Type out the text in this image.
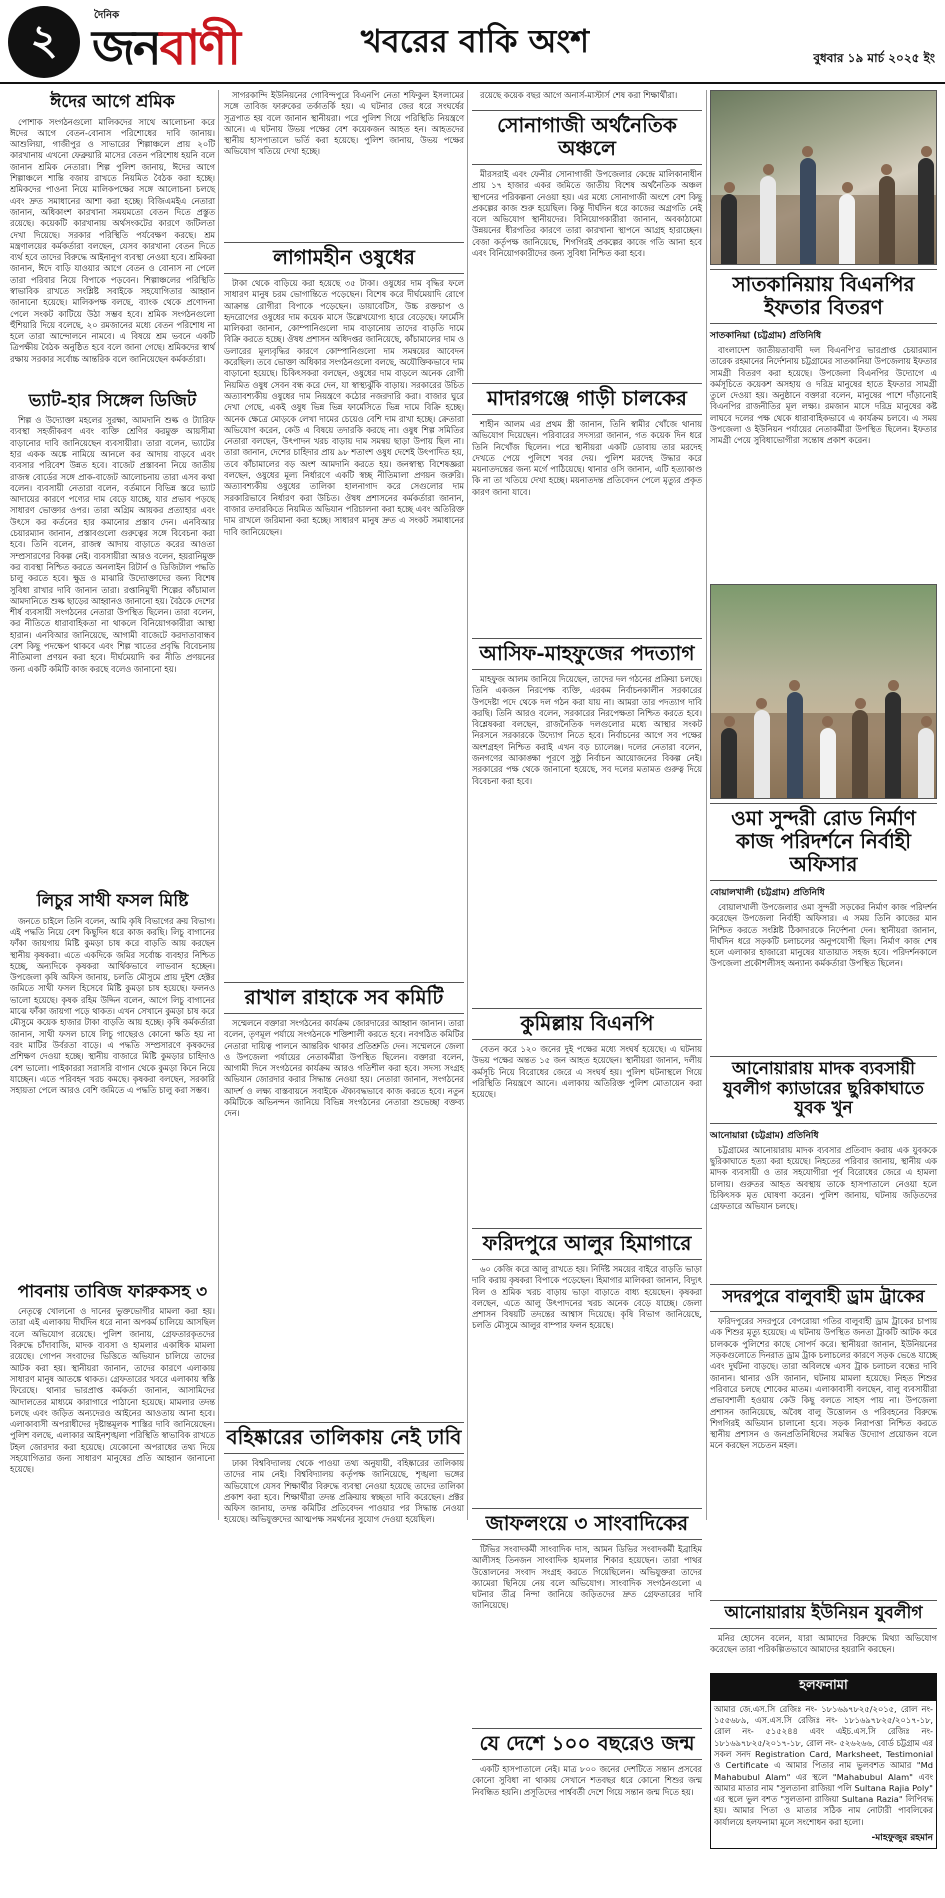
২	দৈনিক
জনবাণী	খবরের বাকি অংশ	বুধবার ১৯ মার্চ ২০২৫ ইং
ঈদের আগে শ্রমিক

পোশাক সংগঠনগুলো মালিকদের সাথে আলোচনা করে ঈদের আগে বেতন-বোনাস পরিশোধের দাবি জানায়। আশুলিয়া, গাজীপুর ও সাভারের শিল্পাঞ্চলে প্রায় ২০টি কারখানায় এখনো ফেব্রুয়ারি মাসের বেতন পরিশোধ হয়নি বলে জানান শ্রমিক নেতারা। শিল্প পুলিশ জানায়, ঈদের আগে শিল্পাঞ্চলে শান্তি বজায় রাখতে নিয়মিত বৈঠক করা হচ্ছে। শ্রমিকদের পাওনা নিয়ে মালিকপক্ষের সঙ্গে আলোচনা চলছে এবং দ্রুত সমাধানের আশা করা হচ্ছে। বিজিএমইএ নেতারা জানান, অধিকাংশ কারখানা সময়মতো বেতন দিতে প্রস্তুত রয়েছে। কয়েকটি কারখানায় অর্থসংকটের কারণে জটিলতা দেখা দিয়েছে। সরকার পরিস্থিতি পর্যবেক্ষণ করছে। শ্রম মন্ত্রণালয়ের কর্মকর্তারা বলছেন, যেসব কারখানা বেতন দিতে ব্যর্থ হবে তাদের বিরুদ্ধে আইনানুগ ব্যবস্থা নেওয়া হবে। শ্রমিকরা জানান, ঈদে বাড়ি যাওয়ার আগে বেতন ও বোনাস না পেলে তারা পরিবার নিয়ে বিপাকে পড়বেন। শিল্পাঞ্চলের পরিস্থিতি স্বাভাবিক রাখতে সংশ্লিষ্ট সবাইকে সহযোগিতার আহ্বান জানানো হয়েছে। মালিকপক্ষ বলছে, ব্যাংক থেকে প্রণোদনা পেলে সংকট কাটিয়ে উঠা সম্ভব হবে। শ্রমিক সংগঠনগুলো হুঁশিয়ারি দিয়ে বলেছে, ২০ রমজানের মধ্যে বেতন পরিশোধ না হলে তারা আন্দোলনে নামবে। এ বিষয়ে শ্রম ভবনে একটি ত্রিপক্ষীয় বৈঠক অনুষ্ঠিত হবে বলে জানা গেছে। শ্রমিকদের স্বার্থ রক্ষায় সরকার সর্বোচ্চ আন্তরিক বলে জানিয়েছেন কর্মকর্তারা।

ভ্যাট-হার সিঙ্গেল ডিজিট

শিল্প ও উদ্যোক্তা মহলের সুরক্ষা, আমদানি শুল্ক ও ট্যারিফ ব্যবস্থা সহজীকরণ এবং ব্যক্তি শ্রেণির করমুক্ত আয়সীমা বাড়ানোর দাবি জানিয়েছেন ব্যবসায়ীরা। তারা বলেন, ভ্যাটের হার একক অঙ্কে নামিয়ে আনলে কর আদায় বাড়বে এবং ব্যবসার পরিবেশ উন্নত হবে। বাজেট প্রস্তাবনা নিয়ে জাতীয় রাজস্ব বোর্ডের সঙ্গে প্রাক-বাজেট আলোচনায় তারা এসব কথা বলেন। ব্যবসায়ী নেতারা বলেন, বর্তমানে বিভিন্ন স্তরে ভ্যাট আদায়ের কারণে পণ্যের দাম বেড়ে যাচ্ছে, যার প্রভাব পড়ছে সাধারণ ভোক্তার ওপর। তারা অগ্রিম আয়কর প্রত্যাহার এবং উৎসে কর কর্তনের হার কমানোর প্রস্তাব দেন। এনবিআর চেয়ারম্যান জানান, প্রস্তাবগুলো গুরুত্বের সঙ্গে বিবেচনা করা হবে। তিনি বলেন, রাজস্ব আদায় বাড়াতে করের আওতা সম্প্রসারণের বিকল্প নেই। ব্যবসায়ীরা আরও বলেন, হয়রানিমুক্ত কর ব্যবস্থা নিশ্চিত করতে অনলাইন রিটার্ন ও ডিজিটাল পদ্ধতি চালু করতে হবে। ক্ষুদ্র ও মাঝারি উদ্যোক্তাদের জন্য বিশেষ সুবিধা রাখার দাবি জানান তারা। রপ্তানিমুখী শিল্পের কাঁচামাল আমদানিতে শুল্ক ছাড়ের আহ্বানও জানানো হয়। বৈঠকে দেশের শীর্ষ ব্যবসায়ী সংগঠনের নেতারা উপস্থিত ছিলেন। তারা বলেন, কর নীতিতে ধারাবাহিকতা না থাকলে বিনিয়োগকারীরা আস্থা হারান। এনবিআর জানিয়েছে, আগামী বাজেটে করদাতাবান্ধব বেশ কিছু পদক্ষেপ থাকবে এবং শিল্প খাতের প্রবৃদ্ধি বিবেচনায় নীতিমালা প্রণয়ন করা হবে। দীর্ঘমেয়াদি কর নীতি প্রণয়নের জন্য একটি কমিটি কাজ করছে বলেও জানানো হয়।

লিচুর সাথী ফসল মিষ্টি

জনতে চাইলে তিনি বলেন, আমি কৃষি বিভাগের ক্রয় বিভাগ। এই পদ্ধতি নিয়ে বেশ কিছুদিন ধরে কাজ করছি। লিচু বাগানের ফাঁকা জায়গায় মিষ্টি কুমড়া চাষ করে বাড়তি আয় করছেন স্থানীয় কৃষকরা। এতে একদিকে জমির সর্বোচ্চ ব্যবহার নিশ্চিত হচ্ছে, অন্যদিকে কৃষকরা আর্থিকভাবে লাভবান হচ্ছেন। উপজেলা কৃষি অফিস জানায়, চলতি মৌসুমে প্রায় দুইশ হেক্টর জমিতে সাথী ফসল হিসেবে মিষ্টি কুমড়া চাষ হয়েছে। ফলনও ভালো হয়েছে। কৃষক রহিম উদ্দিন বলেন, আগে লিচু বাগানের মাঝে ফাঁকা জায়গা পড়ে থাকত। এখন সেখানে কুমড়া চাষ করে মৌসুমে কয়েক হাজার টাকা বাড়তি আয় হচ্ছে। কৃষি কর্মকর্তারা জানান, সাথী ফসল চাষে লিচু গাছেরও কোনো ক্ষতি হয় না বরং মাটির উর্বরতা বাড়ে। এ পদ্ধতি সম্প্রসারণে কৃষকদের প্রশিক্ষণ দেওয়া হচ্ছে। স্থানীয় বাজারে মিষ্টি কুমড়ার চাহিদাও বেশ ভালো। পাইকাররা সরাসরি বাগান থেকে কুমড়া কিনে নিয়ে যাচ্ছেন। এতে পরিবহন খরচ কমছে। কৃষকরা বলছেন, সরকারি সহায়তা পেলে আরও বেশি জমিতে এ পদ্ধতি চালু করা সম্ভব।

পাবনায় তাবিজ ফারুকসহ ৩

নেতৃত্বে খোলনো ও দানের ভুক্তভোগীর মামলা করা হয়। তারা এই এলাকায় দীর্ঘদিন ধরে নানা অপকর্ম চালিয়ে আসছিল বলে অভিযোগ রয়েছে। পুলিশ জানায়, গ্রেফতারকৃতদের বিরুদ্ধে চাঁদাবাজি, মাদক ব্যবসা ও হামলার একাধিক মামলা রয়েছে। গোপন সংবাদের ভিত্তিতে অভিযান চালিয়ে তাদের আটক করা হয়। স্থানীয়রা জানান, তাদের কারণে এলাকায় সাধারণ মানুষ আতঙ্কে থাকত। গ্রেফতারের খবরে এলাকায় স্বস্তি ফিরেছে। থানার ভারপ্রাপ্ত কর্মকর্তা জানান, আসামিদের আদালতের মাধ্যমে কারাগারে পাঠানো হয়েছে। মামলার তদন্ত চলছে এবং জড়িত অন্যদেরও আইনের আওতায় আনা হবে। এলাকাবাসী অপরাধীদের দৃষ্টান্তমূলক শাস্তির দাবি জানিয়েছেন। পুলিশ বলছে, এলাকার আইনশৃঙ্খলা পরিস্থিতি স্বাভাবিক রাখতে টহল জোরদার করা হয়েছে। যেকোনো অপরাধের তথ্য দিয়ে সহযোগিতার জন্য সাধারণ মানুষের প্রতি আহ্বান জানানো হয়েছে।

সাগরকান্দি ইউনিয়নের গোবিন্দপুরে বিএনপি নেতা শফিকুল ইসলামের সঙ্গে তাবিজ ফারুকের তর্কাতর্কি হয়। এ ঘটনার জের ধরে সংঘর্ষের সূত্রপাত হয় বলে জানান স্থানীয়রা। পরে পুলিশ গিয়ে পরিস্থিতি নিয়ন্ত্রণে আনে। এ ঘটনায় উভয় পক্ষের বেশ কয়েকজন আহত হন। আহতদের স্থানীয় হাসপাতালে ভর্তি করা হয়েছে। পুলিশ জানায়, উভয় পক্ষের অভিযোগ খতিয়ে দেখা হচ্ছে।

লাগামহীন ওষুধের

টাকা থেকে বাড়িয়ে করা হয়েছে ৩৫ টাকা। ওষুধের দাম বৃদ্ধির ফলে সাধারণ মানুষ চরম ভোগান্তিতে পড়েছেন। বিশেষ করে দীর্ঘমেয়াদি রোগে আক্রান্ত রোগীরা বিপাকে পড়েছেন। ডায়াবেটিস, উচ্চ রক্তচাপ ও হৃদরোগের ওষুধের দাম কয়েক মাসে উল্লেখযোগ্য হারে বেড়েছে। ফার্মেসি মালিকরা জানান, কোম্পানিগুলো দাম বাড়ানোয় তাদের বাড়তি দামে বিক্রি করতে হচ্ছে। ঔষধ প্রশাসন অধিদপ্তর জানিয়েছে, কাঁচামালের দাম ও ডলারের মূল্যবৃদ্ধির কারণে কোম্পানিগুলো দাম সমন্বয়ের আবেদন করেছিল। তবে ভোক্তা অধিকার সংগঠনগুলো বলছে, অযৌক্তিকভাবে দাম বাড়ানো হয়েছে। চিকিৎসকরা বলছেন, ওষুধের দাম বাড়লে অনেক রোগী নিয়মিত ওষুধ সেবন বন্ধ করে দেন, যা স্বাস্থ্যঝুঁকি বাড়ায়। সরকারের উচিত অত্যাবশ্যকীয় ওষুধের দাম নিয়ন্ত্রণে কঠোর নজরদারি করা। বাজার ঘুরে দেখা গেছে, একই ওষুধ ভিন্ন ভিন্ন ফার্মেসিতে ভিন্ন দামে বিক্রি হচ্ছে। অনেক ক্ষেত্রে মোড়কে লেখা দামের চেয়েও বেশি দাম রাখা হচ্ছে। ক্রেতারা অভিযোগ করেন, কেউ এ বিষয়ে তদারকি করছে না। ওষুধ শিল্প সমিতির নেতারা বলছেন, উৎপাদন খরচ বাড়ায় দাম সমন্বয় ছাড়া উপায় ছিল না। তারা জানান, দেশের চাহিদার প্রায় ৯৮ শতাংশ ওষুধ দেশেই উৎপাদিত হয়, তবে কাঁচামালের বড় অংশ আমদানি করতে হয়। জনস্বাস্থ্য বিশেষজ্ঞরা বলছেন, ওষুধের মূল্য নির্ধারণে একটি স্বচ্ছ নীতিমালা প্রণয়ন জরুরি। অত্যাবশ্যকীয় ওষুধের তালিকা হালনাগাদ করে সেগুলোর দাম সরকারিভাবে নির্ধারণ করা উচিত। ঔষধ প্রশাসনের কর্মকর্তারা জানান, বাজার তদারকিতে নিয়মিত অভিযান পরিচালনা করা হচ্ছে এবং অতিরিক্ত দাম রাখলে জরিমানা করা হচ্ছে। সাধারণ মানুষ দ্রুত এ সংকট সমাধানের দাবি জানিয়েছেন।

রাখাল রাহাকে সব কমিটি

সম্মেলনে বক্তারা সংগঠনের কার্যক্রম জোরদারের আহ্বান জানান। তারা বলেন, তৃণমূল পর্যায়ে সংগঠনকে শক্তিশালী করতে হবে। নবগঠিত কমিটির নেতারা দায়িত্ব পালনে আন্তরিক থাকার প্রতিশ্রুতি দেন। সম্মেলনে জেলা ও উপজেলা পর্যায়ের নেতাকর্মীরা উপস্থিত ছিলেন। বক্তারা বলেন, আগামী দিনে সংগঠনের কার্যক্রম আরও গতিশীল করা হবে। সদস্য সংগ্রহ অভিযান জোরদার করার সিদ্ধান্ত নেওয়া হয়। নেতারা জানান, সংগঠনের আদর্শ ও লক্ষ্য বাস্তবায়নে সবাইকে ঐক্যবদ্ধভাবে কাজ করতে হবে। নতুন কমিটিকে অভিনন্দন জানিয়ে বিভিন্ন সংগঠনের নেতারা শুভেচ্ছা বক্তব্য দেন।

বহিষ্কারের তালিকায় নেই ঢাবি

ঢাকা বিশ্ববিদ্যালয় থেকে পাওয়া তথ্য অনুযায়ী, বহিষ্কারের তালিকায় তাদের নাম নেই। বিশ্ববিদ্যালয় কর্তৃপক্ষ জানিয়েছে, শৃঙ্খলা ভঙ্গের অভিযোগে যেসব শিক্ষার্থীর বিরুদ্ধে ব্যবস্থা নেওয়া হয়েছে তাদের তালিকা প্রকাশ করা হবে। শিক্ষার্থীরা তদন্ত প্রক্রিয়ায় স্বচ্ছতা দাবি করেছেন। প্রক্টর অফিস জানায়, তদন্ত কমিটির প্রতিবেদন পাওয়ার পর সিদ্ধান্ত নেওয়া হয়েছে। অভিযুক্তদের আত্মপক্ষ সমর্থনের সুযোগ দেওয়া হয়েছিল।

রয়েছে কয়েক বছর আগে অনার্স-মাস্টার্স শেষ করা শিক্ষার্থীরা।

সোনাগাজী অর্থনৈতিক অঞ্চলে

মীরসরাই এবং ফেনীর সোনাগাজী উপজেলার কেন্দ্রে মালিকানাধীন প্রায় ১৭ হাজার একর জমিতে জাতীয় বিশেষ অর্থনৈতিক অঞ্চল স্থাপনের পরিকল্পনা নেওয়া হয়। এর মধ্যে সোনাগাজী অংশে বেশ কিছু প্রকল্পের কাজ শুরু হয়েছিল। কিন্তু দীর্ঘদিন ধরে কাজের অগ্রগতি নেই বলে অভিযোগ স্থানীয়দের। বিনিয়োগকারীরা জানান, অবকাঠামো উন্নয়নের ধীরগতির কারণে তারা কারখানা স্থাপনে আগ্রহ হারাচ্ছেন। বেজা কর্তৃপক্ষ জানিয়েছে, শিগগিরই প্রকল্পের কাজে গতি আনা হবে এবং বিনিয়োগকারীদের জন্য সুবিধা নিশ্চিত করা হবে।

মাদারগঞ্জে গাড়ী চালকের

শাহীন আলম এর প্রথম স্ত্রী জানান, তিনি স্বামীর খোঁজে থানায় অভিযোগ দিয়েছেন। পরিবারের সদস্যরা জানান, গত কয়েক দিন ধরে তিনি নিখোঁজ ছিলেন। পরে স্থানীয়রা একটি ডোবায় তার মরদেহ দেখতে পেয়ে পুলিশে খবর দেয়। পুলিশ মরদেহ উদ্ধার করে ময়নাতদন্তের জন্য মর্গে পাঠিয়েছে। থানার ওসি জানান, এটি হত্যাকাণ্ড কি না তা খতিয়ে দেখা হচ্ছে। ময়নাতদন্ত প্রতিবেদন পেলে মৃত্যুর প্রকৃত কারণ জানা যাবে।

আসিফ-মাহফুজের পদত্যাগ

মাহফুজ আলম জানিয়ে দিয়েছেন, তাদের দল গঠনের প্রক্রিয়া চলছে। তিনি একজন নিরপেক্ষ ব্যক্তি, এরকম নির্বাচনকালীন সরকারের উপদেষ্টা পদে থেকে দল গঠন করা যায় না। আমরা তার পদত্যাগ দাবি করছি। তিনি আরও বলেন, সরকারের নিরপেক্ষতা নিশ্চিত করতে হবে। বিশ্লেষকরা বলছেন, রাজনৈতিক দলগুলোর মধ্যে আস্থার সংকট নিরসনে সরকারকে উদ্যোগ নিতে হবে। নির্বাচনের আগে সব পক্ষের অংশগ্রহণ নিশ্চিত করাই এখন বড় চ্যালেঞ্জ। দলের নেতারা বলেন, জনগণের আকাঙ্ক্ষা পূরণে সুষ্ঠু নির্বাচন আয়োজনের বিকল্প নেই। সরকারের পক্ষ থেকে জানানো হয়েছে, সব দলের মতামত গুরুত্ব দিয়ে বিবেচনা করা হবে।

কুমিল্লায় বিএনপি

বেতন করে ১২০ জনের দুই পক্ষের মধ্যে সংঘর্ষ হয়েছে। এ ঘটনায় উভয় পক্ষের অন্তত ১৫ জন আহত হয়েছেন। স্থানীয়রা জানান, দলীয় কর্মসূচি নিয়ে বিরোধের জেরে এ সংঘর্ষ হয়। পুলিশ ঘটনাস্থলে গিয়ে পরিস্থিতি নিয়ন্ত্রণে আনে। এলাকায় অতিরিক্ত পুলিশ মোতায়েন করা হয়েছে।

ফরিদপুরে আলুর হিমাগারে

৬০ কেজি করে আলু রাখতে হয়। নির্দিষ্ট সময়ের বাইরে বাড়তি ভাড়া দাবি করায় কৃষকরা বিপাকে পড়েছেন। হিমাগার মালিকরা জানান, বিদ্যুৎ বিল ও শ্রমিক খরচ বাড়ায় ভাড়া বাড়াতে বাধ্য হয়েছেন। কৃষকরা বলছেন, এতে আলু উৎপাদনের খরচ অনেক বেড়ে যাচ্ছে। জেলা প্রশাসন বিষয়টি তদন্তের আশ্বাস দিয়েছে। কৃষি বিভাগ জানিয়েছে, চলতি মৌসুমে আলুর বাম্পার ফলন হয়েছে।

জাফলংয়ে ৩ সাংবাদিকের

টিভির সংবাদকর্মী সাংবাদিক দাস, আমন ডিভির সংবাদকর্মী ইব্রাহিম আলীসহ তিনজন সাংবাদিক হামলার শিকার হয়েছেন। তারা পাথর উত্তোলনের সংবাদ সংগ্রহ করতে গিয়েছিলেন। অভিযুক্তরা তাদের ক্যামেরা ছিনিয়ে নেয় বলে অভিযোগ। সাংবাদিক সংগঠনগুলো এ ঘটনার তীব্র নিন্দা জানিয়ে জড়িতদের দ্রুত গ্রেফতারের দাবি জানিয়েছে।

যে দেশে ১০০ বছরেও জন্ম

একটি হাসপাতালে নেই। মাত্র ৮০০ জনের দেশটিতে সন্তান প্রসবের কোনো সুবিধা না থাকায় সেখানে শতবছর ধরে কোনো শিশুর জন্ম নিবন্ধিত হয়নি। প্রসূতিদের পার্শ্ববর্তী দেশে গিয়ে সন্তান জন্ম দিতে হয়।

সাতকানিয়ায় বিএনপির ইফতার বিতরণ
সাতকানিয়া (চট্টগ্রাম) প্রতিনিধি

বাংলাদেশ জাতীয়তাবাদী দল বিএনপি'র ভারপ্রাপ্ত চেয়ারম্যান তারেক রহমানের নির্দেশনায় চট্টগ্রামের সাতকানিয়া উপজেলায় ইফতার সামগ্রী বিতরণ করা হয়েছে। উপজেলা বিএনপির উদ্যোগে এ কর্মসূচিতে কয়েকশ অসহায় ও দরিদ্র মানুষের হাতে ইফতার সামগ্রী তুলে দেওয়া হয়। অনুষ্ঠানে বক্তারা বলেন, মানুষের পাশে দাঁড়ানোই বিএনপির রাজনীতির মূল লক্ষ্য। রমজান মাসে দরিদ্র মানুষের কষ্ট লাঘবে দলের পক্ষ থেকে ধারাবাহিকভাবে এ কার্যক্রম চলবে। এ সময় উপজেলা ও ইউনিয়ন পর্যায়ের নেতাকর্মীরা উপস্থিত ছিলেন। ইফতার সামগ্রী পেয়ে সুবিধাভোগীরা সন্তোষ প্রকাশ করেন।

ওমা সুন্দরী রোড নির্মাণ কাজ পরিদর্শনে নির্বাহী অফিসার
বোয়ালখালী (চট্টগ্রাম) প্রতিনিধি

বোয়ালখালী উপজেলার ওমা সুন্দরী সড়কের নির্মাণ কাজ পরিদর্শন করেছেন উপজেলা নির্বাহী অফিসার। এ সময় তিনি কাজের মান নিশ্চিত করতে সংশ্লিষ্ট ঠিকাদারকে নির্দেশনা দেন। স্থানীয়রা জানান, দীর্ঘদিন ধরে সড়কটি চলাচলের অনুপযোগী ছিল। নির্মাণ কাজ শেষ হলে এলাকার হাজারো মানুষের যাতায়াত সহজ হবে। পরিদর্শনকালে উপজেলা প্রকৌশলীসহ অন্যান্য কর্মকর্তারা উপস্থিত ছিলেন।

আনোয়ারায় মাদক ব্যবসায়ী যুবলীগ ক্যাডারের ছুরিকাঘাতে যুবক খুন
আনোয়ারা (চট্টগ্রাম) প্রতিনিধি

চট্টগ্রামের আনোয়ারায় মাদক ব্যবসার প্রতিবাদ করায় এক যুবককে ছুরিকাঘাতে হত্যা করা হয়েছে। নিহতের পরিবার জানায়, স্থানীয় এক মাদক ব্যবসায়ী ও তার সহযোগীরা পূর্ব বিরোধের জেরে এ হামলা চালায়। গুরুতর আহত অবস্থায় তাকে হাসপাতালে নেওয়া হলে চিকিৎসক মৃত ঘোষণা করেন। পুলিশ জানায়, ঘটনায় জড়িতদের গ্রেফতারে অভিযান চলছে।

সদরপুরে বালুবাহী ড্রাম ট্রাকের

ফরিদপুরের সদরপুরে বেপরোয়া গতির বালুবাহী ড্রাম ট্রাকের চাপায় এক শিশুর মৃত্যু হয়েছে। এ ঘটনায় উপস্থিত জনতা ট্রাকটি আটক করে চালককে পুলিশের কাছে সোপর্দ করে। স্থানীয়রা জানান, ইউনিয়নের সড়কগুলোতে দিনরাত ড্রাম ট্রাক চলাচলের কারণে সড়ক ভেঙে যাচ্ছে এবং দুর্ঘটনা বাড়ছে। তারা অবিলম্বে এসব ট্রাক চলাচল বন্ধের দাবি জানান। থানার ওসি জানান, ঘটনায় মামলা হয়েছে। নিহত শিশুর পরিবারে চলছে শোকের মাতম। এলাকাবাসী বলছেন, বালু ব্যবসায়ীরা প্রভাবশালী হওয়ায় কেউ কিছু বলতে সাহস পায় না। উপজেলা প্রশাসন জানিয়েছে, অবৈধ বালু উত্তোলন ও পরিবহনের বিরুদ্ধে শিগগিরই অভিযান চালানো হবে। সড়ক নিরাপত্তা নিশ্চিত করতে স্থানীয় প্রশাসন ও জনপ্রতিনিধিদের সমন্বিত উদ্যোগ প্রয়োজন বলে মনে করছেন সচেতন মহল।

আনোয়ারায় ইউনিয়ন যুবলীগ

মনির হোসেন বলেন, যারা আমাদের বিরুদ্ধে মিথ্যা অভিযোগ করেছেন তারা পরিকল্পিতভাবে আমাদের হয়রানি করছেন।

হলফনামা

আমার জে.এস.সি রেজিঃ নং- ১৮১৬৯৭৮২৫/২০১৫, রোল নং- ১৫৫৬৮৯, এস.এস.সি রেজিঃ নং- ১৮১৬৯৭৮২৫/২০১৭-১৮, রোল নং- ৫১৫২৪৪ এবং এইচ.এস.সি রেজিঃ নং- ১৮১৬৯৭৮২৫/২০১৭-১৮, রোল নং- ৫২৬২৬৬, বোর্ড চট্টগ্রাম এর সকল সনদ Registration Card, Marksheet, Testimonial ও Certificate এ আমার পিতার নাম ভুলবশত আমার "Md Mahabubul Alam" এর স্থলে "Mahabubul Alam" এবং আমার মাতার নাম "সুলতানা রাজিয়া পলি Sultana Rajia Poly" এর স্থলে ভুল বশত "সুলতানা রাজিয়া Sultana Razia" লিপিবদ্ধ হয়। আমার পিতা ও মাতার সঠিক নাম নোটারী পাবলিকের কার্যালয়ে হলফনামা মূলে সংশোধন করা হলো।

-মাহফুজুর রহমান
